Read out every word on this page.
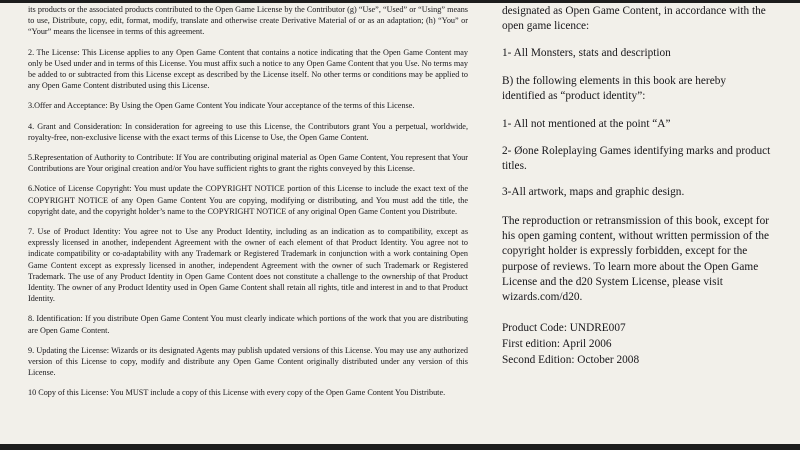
its products or the associated products contributed to the Open Game License by the Contributor (g) “Use”, “Used” or “Using” means to use, Distribute, copy, edit, format, modify, translate and otherwise create Derivative Material of or as an adaptation; (h) “You” or “Your” means the licensee in terms of this agreement.

2. The License: This License applies to any Open Game Content that contains a notice indicating that the Open Game Content may only be Used under and in terms of this License. You must affix such a notice to any Open Game Content that you Use. No terms may be added to or subtracted from this License except as described by the License itself. No other terms or conditions may be applied to any Open Game Content distributed using this License.

3.Offer and Acceptance: By Using the Open Game Content You indicate Your acceptance of the terms of this License.

4. Grant and Consideration: In consideration for agreeing to use this License, the Contributors grant You a perpetual, worldwide, royalty-free, non-exclusive license with the exact terms of this License to Use, the Open Game Content.

5.Representation of Authority to Contribute: If You are contributing original material as Open Game Content, You represent that Your Contributions are Your original creation and/or You have sufficient rights to grant the rights conveyed by this License.

6.Notice of License Copyright: You must update the COPYRIGHT NOTICE portion of this License to include the exact text of the COPYRIGHT NOTICE of any Open Game Content You are copying, modifying or distributing, and You must add the title, the copyright date, and the copyright holder’s name to the COPYRIGHT NOTICE of any original Open Game Content you Distribute.

7. Use of Product Identity: You agree not to Use any Product Identity, including as an indication as to compatibility, except as expressly licensed in another, independent Agreement with the owner of each element of that Product Identity. You agree not to indicate compatibility or co-adaptability with any Trademark or Registered Trademark in conjunction with a work containing Open Game Content except as expressly licensed in another, independent Agreement with the owner of such Trademark or Registered Trademark. The use of any Product Identity in Open Game Content does not constitute a challenge to the ownership of that Product Identity. The owner of any Product Identity used in Open Game Content shall retain all rights, title and interest in and to that Product Identity.

8. Identification: If you distribute Open Game Content You must clearly indicate which portions of the work that you are distributing are Open Game Content.

9. Updating the License: Wizards or its designated Agents may publish updated versions of this License. You may use any authorized version of this License to copy, modify and distribute any Open Game Content originally distributed under any version of this License.

10 Copy of this License: You MUST include a copy of this License with every copy of the Open Game Content You Distribute.

designated as Open Game Content, in accordance with the open game licence:

1- All Monsters, stats and description

B) the following elements in this book are hereby identified as “product identity”:

1- All not mentioned at the point “A”

2- Øone Roleplaying Games identifying marks and product titles.

3-All artwork, maps and graphic design.

The reproduction or retransmission of this book, except for his open gaming content, without written permission of the copyright holder is expressly forbidden, except for the purpose of reviews. To learn more about the Open Game License and the d20 System License, please visit wizards.com/d20.

Product Code: UNDRE007

First edition: April 2006

Second Edition: October 2008
